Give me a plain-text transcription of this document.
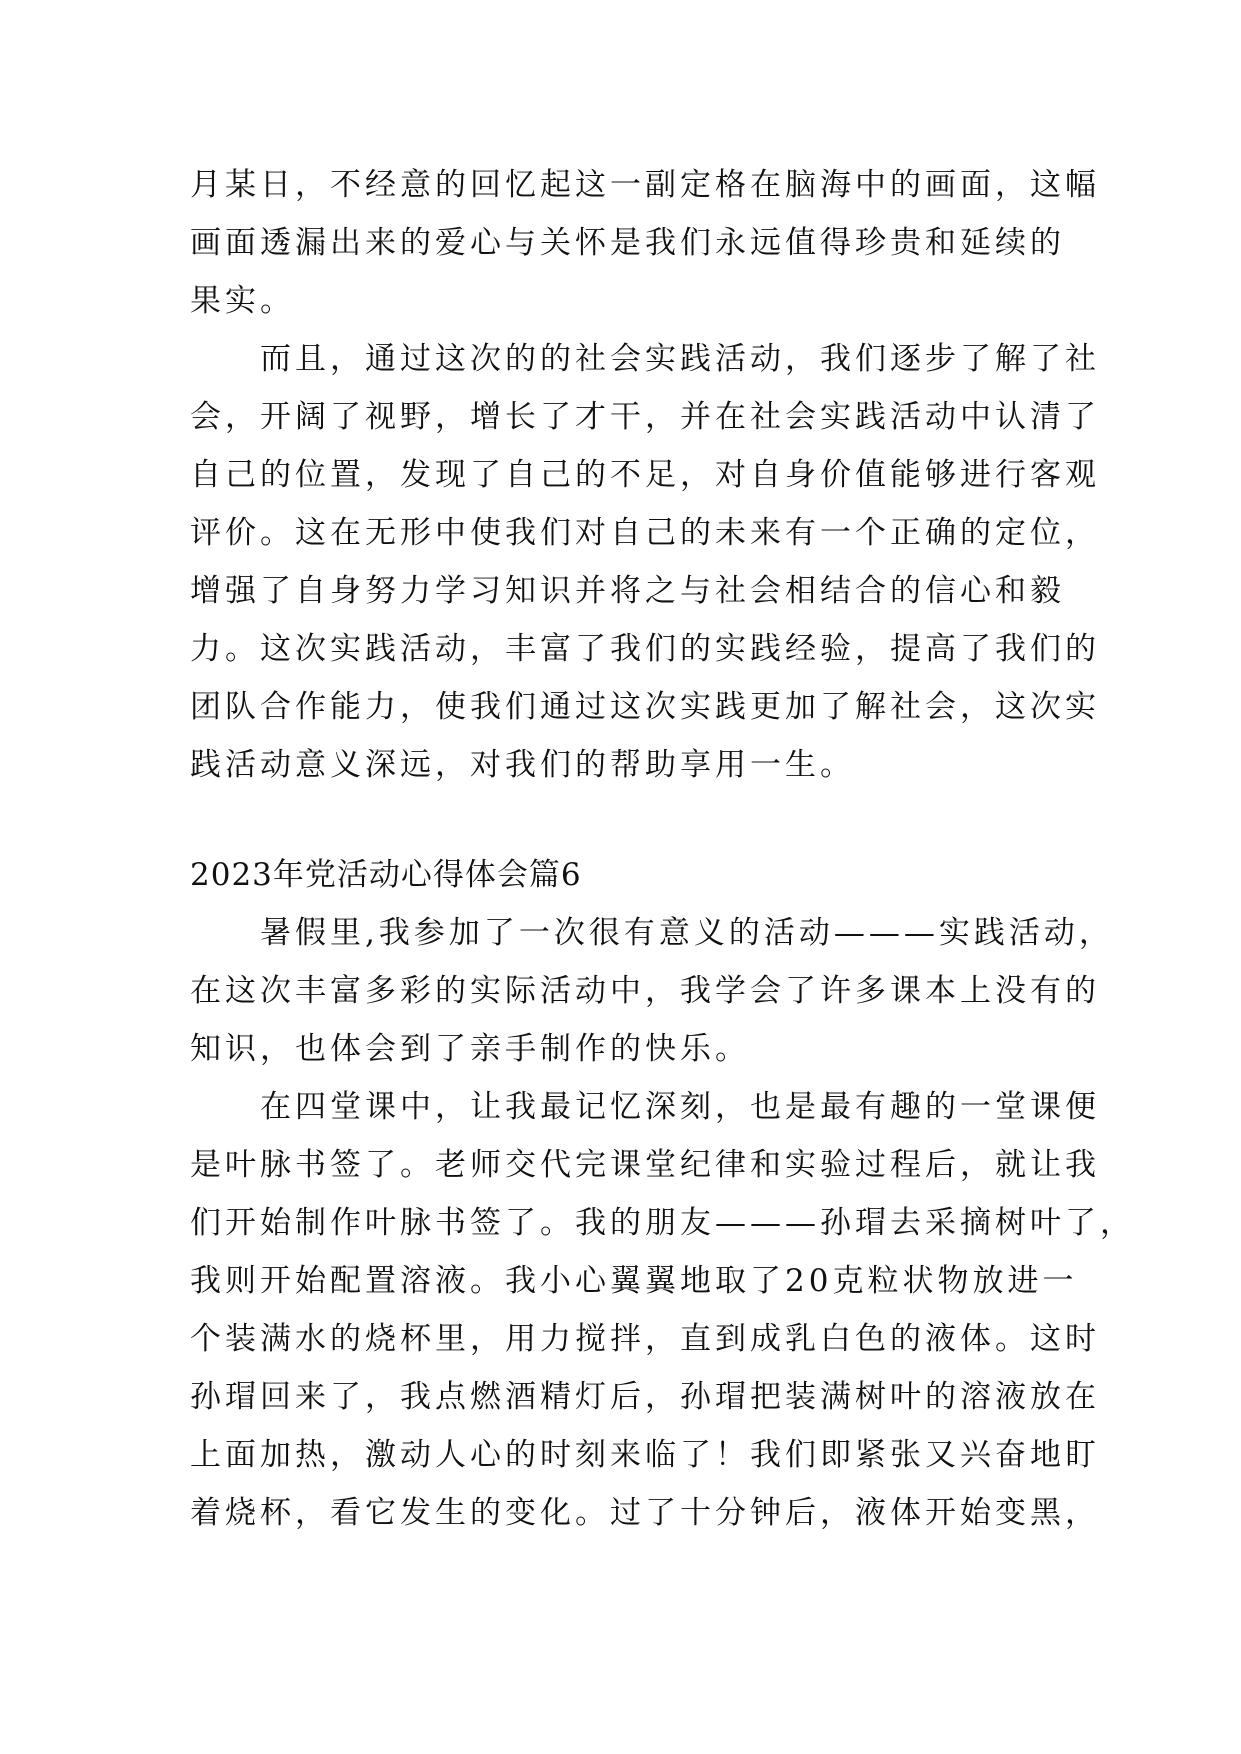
月某日，不经意的回忆起这一副定格在脑海中的画面，这幅
画面透漏出来的爱心与关怀是我们永远值得珍贵和延续的
果实。
而且，通过这次的的社会实践活动，我们逐步了解了社
会，开阔了视野，增长了才干，并在社会实践活动中认清了
自己的位置，发现了自己的不足，对自身价值能够进行客观
评价。这在无形中使我们对自己的未来有一个正确的定位，
增强了自身努力学习知识并将之与社会相结合的信心和毅
力。这次实践活动，丰富了我们的实践经验，提高了我们的
团队合作能力，使我们通过这次实践更加了解社会，这次实
践活动意义深远，对我们的帮助享用一生。
2023年党活动心得体会篇6
暑假里,我参加了一次很有意义的活动———实践活动，
在这次丰富多彩的实际活动中，我学会了许多课本上没有的
知识，也体会到了亲手制作的快乐。
在四堂课中，让我最记忆深刻，也是最有趣的一堂课便
是叶脉书签了。老师交代完课堂纪律和实验过程后，就让我
们开始制作叶脉书签了。我的朋友———孙瑁去采摘树叶了，
我则开始配置溶液。我小心翼翼地取了20克粒状物放进一
个装满水的烧杯里，用力搅拌，直到成乳白色的液体。这时
孙瑁回来了，我点燃酒精灯后，孙瑁把装满树叶的溶液放在
上面加热，激动人心的时刻来临了！我们即紧张又兴奋地盯
着烧杯，看它发生的变化。过了十分钟后，液体开始变黑，
